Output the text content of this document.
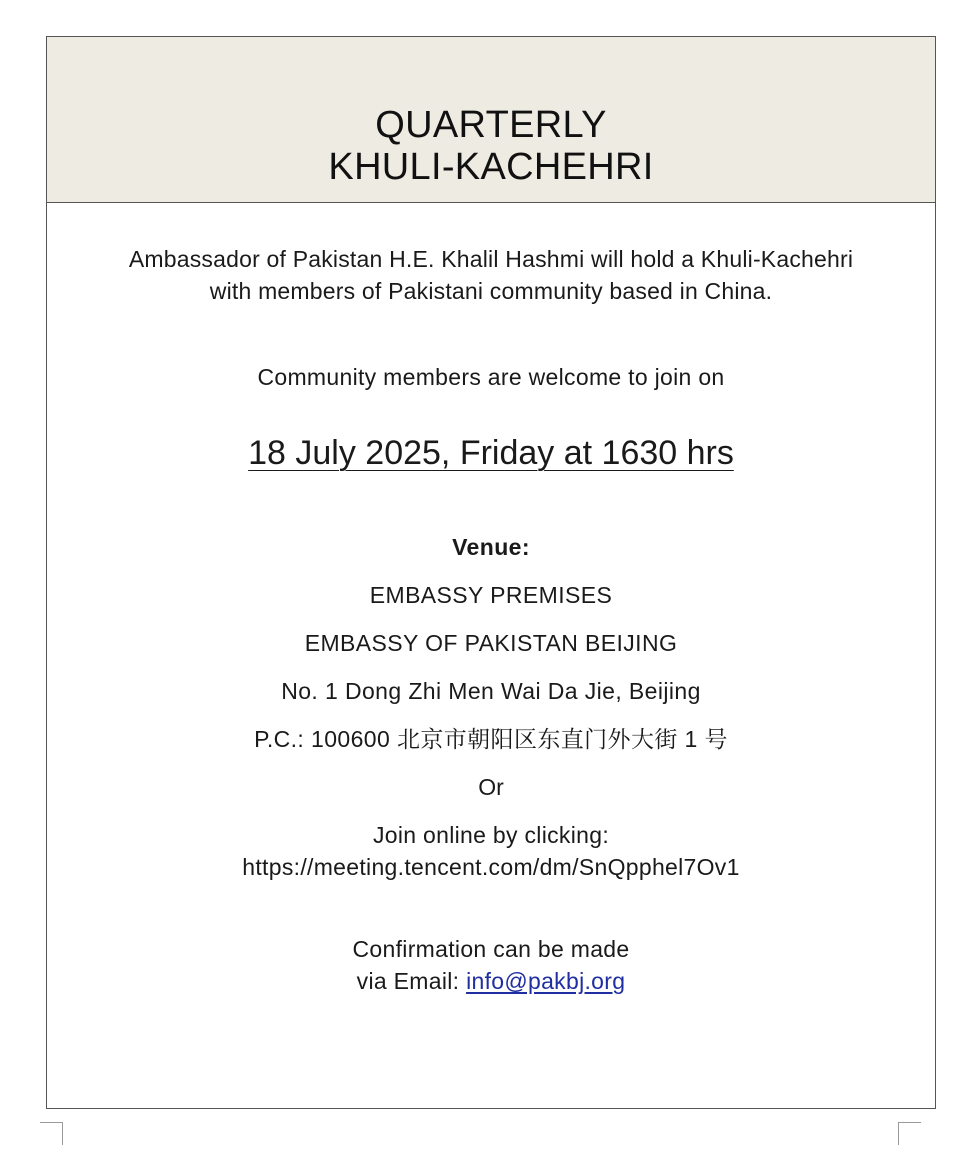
QUARTERLY
KHULI-KACHEHRI
Ambassador of Pakistan H.E. Khalil Hashmi will hold a Khuli-Kachehri
with members of Pakistani community based in China.
Community members are welcome to join on
18 July 2025, Friday at 1630 hrs
Venue:
EMBASSY PREMISES
EMBASSY OF PAKISTAN BEIJING
No. 1 Dong Zhi Men Wai Da Jie, Beijing
P.C.: 100600 北京市朝阳区东直门外大街 1 号
Or
Join online by clicking:
https://meeting.tencent.com/dm/SnQpphel7Ov1
Confirmation can be made
via Email: info@pakbj.org
